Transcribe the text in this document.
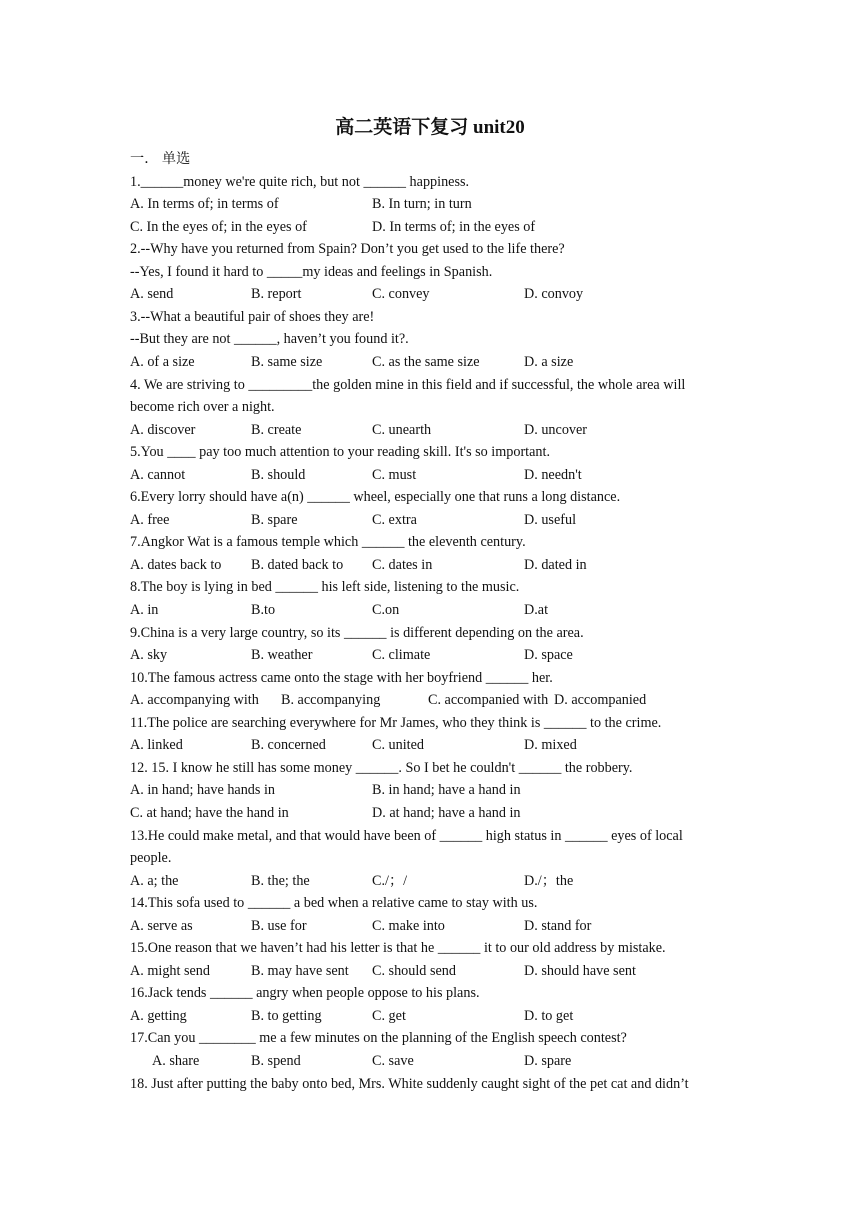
高二英语下复习 unit20
一． 单选
1.______money we're quite rich, but not ______ happiness.
A. In terms of; in terms of	B. In turn; in turn
C. In the eyes of; in the eyes of	D. In terms of; in the eyes of
2.--Why have you returned from Spain? Don’t you get used to the life there?
--Yes, I found it hard to _____my ideas and feelings in Spanish.
A. send	B. report	C. convey	D. convoy
3.--What a beautiful pair of shoes they are!
--But they are not ______, haven’t you found it?.
A. of a size	B. same size	C. as the same size	D. a size
4. We are striving to _________the golden mine in this field and if successful, the whole area will
become rich over a night.
A. discover	B. create	C. unearth	D. uncover
5.You ____ pay too much attention to your reading skill. It's so important.
A. cannot	B. should	C. must	D. needn't
6.Every lorry should have a(n) ______ wheel, especially one that runs a long distance.
A. free	B. spare	C. extra	D. useful
7.Angkor Wat is a famous temple which ______ the eleventh century.
A. dates back to B. dated back to C. dates in	D. dated in
8.The boy is lying in bed ______ his left side, listening to the music.
A. in	B.to	C.on	D.at
9.China is a very large country, so its ______ is different depending on the area.
A. sky	B. weather	C. climate	D. space
10.The famous actress came onto the stage with her boyfriend ______ her.
A. accompanying with B. accompanying	C. accompanied with D. accompanied
11.The police are searching everywhere for Mr James, who they think is ______ to the crime.
A. linked	B. concerned	C. united	D. mixed
12. 15. I know he still has some money ______. So I bet he couldn't ______ the robbery.
A. in hand; have hands in	B. in hand; have a hand in
C. at hand; have the hand in	D. at hand; have a hand in
13.He could make metal, and that would have been of ______ high status in ______ eyes of local
people.
A. a; the	B. the; the	C./；/	D./；the
14.This sofa used to ______ a bed when a relative came to stay with us.
A. serve as	B. use for	C. make into	D. stand for
15.One reason that we haven’t had his letter is that he ______ it to our old address by mistake.
A. might send	B. may have sent C. should send	D. should have sent
16.Jack tends ______ angry when people oppose to his plans.
A. getting	B. to getting	C. get	D. to get
17.Can you ________ me a few minutes on the planning of the English speech contest?
A. share	B. spend	C. save	D. spare
18. Just after putting the baby onto bed, Mrs. White suddenly caught sight of the pet cat and didn’t
